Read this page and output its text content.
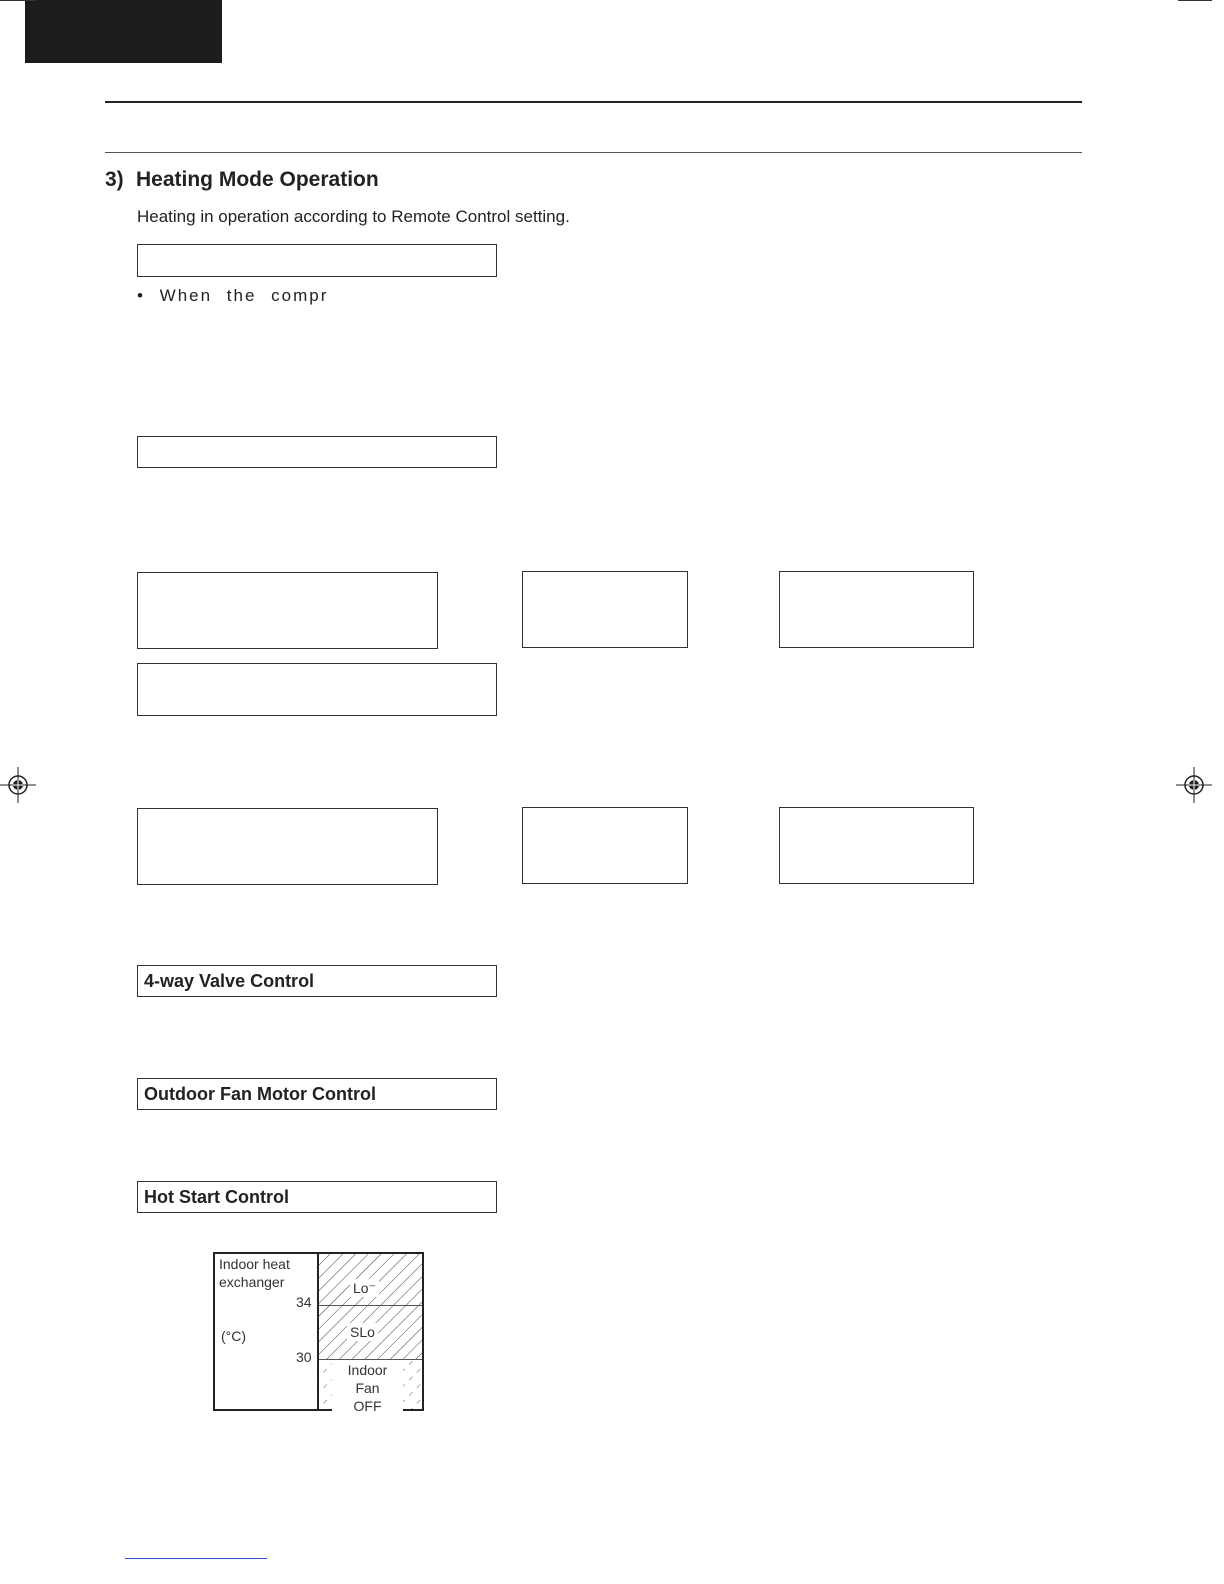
3) Heating Mode Operation
Heating in operation according to Remote Control setting.
• When the compr
4-way Valve Control
Outdoor Fan Motor Control
Hot Start Control
Indoor heat
exchanger
34
(°C)
30
Lo⁻
SLo
Indoor Fan
OFF
